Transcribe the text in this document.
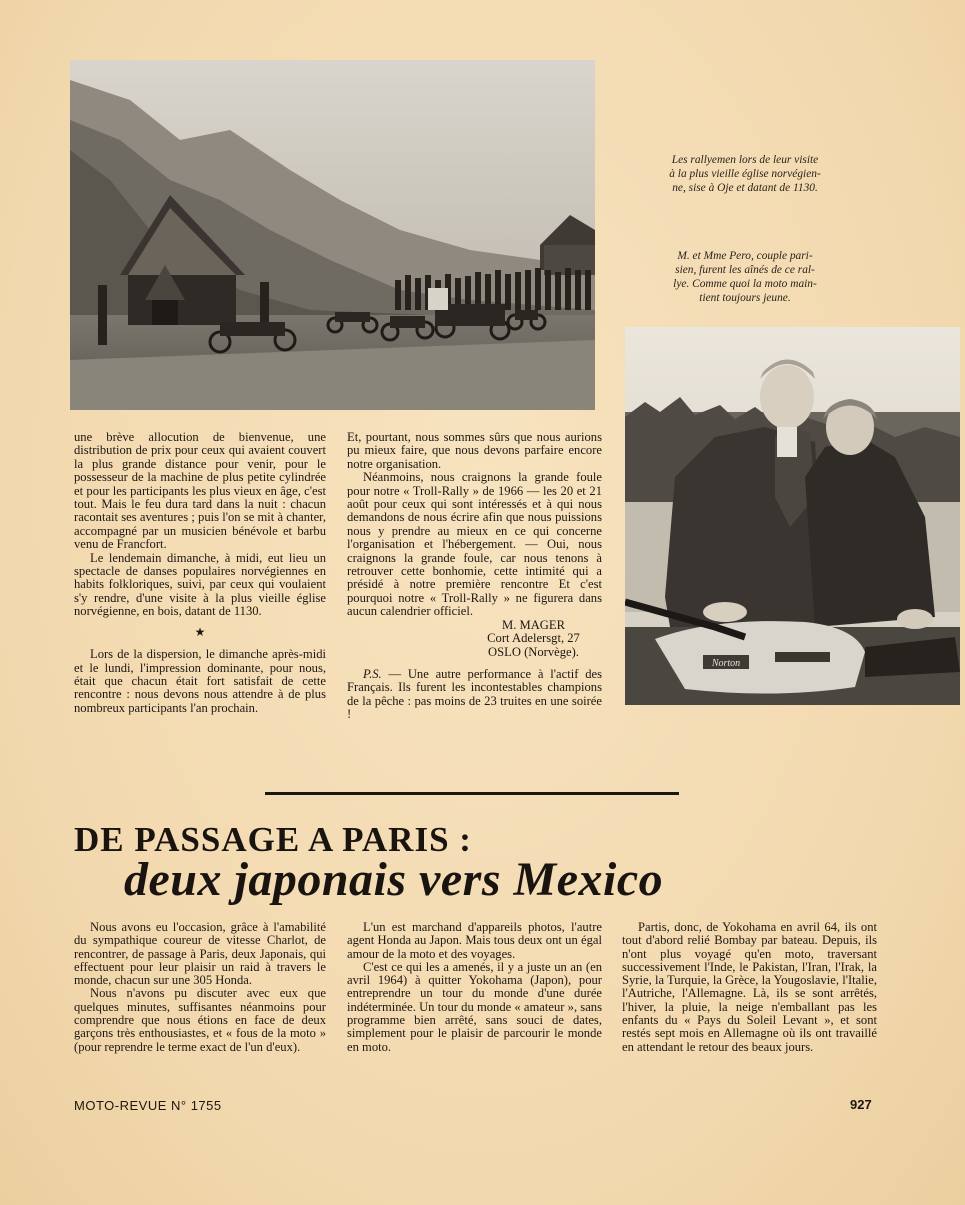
Norton
Les rallyemen lors de leur visite
à la plus vieille église norvégien-
ne, sise à Oje et datant de 1130.
M. et Mme Pero, couple pari-
sien, furent les aînés de ce ral-
lye. Comme quoi la moto main-
tient toujours jeune.

une brève allocution de bienvenue, une distribution de prix pour ceux qui avaient couvert la plus grande distance pour venir, pour le possesseur de la machine de plus petite cylindrée et pour les participants les plus vieux en âge, c'est tout. Mais le feu dura tard dans la nuit : chacun racontait ses aventures ; puis l'on se mit à chanter, accompagné par un musicien bénévole et barbu venu de Francfort.

Le lendemain dimanche, à midi, eut lieu un spectacle de danses populaires norvégiennes en habits folkloriques, suivi, par ceux qui voulaient s'y rendre, d'une visite à la plus vieille église norvégienne, en bois, datant de 1130.

★

Lors de la dispersion, le dimanche après-midi et le lundi, l'impression dominante, pour nous, était que chacun était fort satisfait de cette rencontre : nous devons nous attendre à de plus nombreux participants l'an prochain.

Et, pourtant, nous sommes sûrs que nous aurions pu mieux faire, que nous devons parfaire encore notre organisation.

Néanmoins, nous craignons la grande foule pour notre « Troll-Rally » de 1966 — les 20 et 21 août pour ceux qui sont intéressés et à qui nous demandons de nous écrire afin que nous puissions nous y prendre au mieux en ce qui concerne l'organisation et l'hébergement. — Oui, nous craignons la grande foule, car nous tenons à retrouver cette bonhomie, cette intimité qui a présidé à notre première rencontre Et c'est pourquoi notre « Troll-Rally » ne figurera dans aucun calendrier officiel.

M. MAGER
Cort Adelersgt, 27
OSLO (Norvège).

P.S. — Une autre performance à l'actif des Français. Ils furent les incontestables champions de la pêche : pas moins de 23 truites en une soirée !

DE PASSAGE A PARIS :
deux japonais vers Mexico

Nous avons eu l'occasion, grâce à l'amabilité du sympathique coureur de vitesse Charlot, de rencontrer, de passage à Paris, deux Japonais, qui effectuent pour leur plaisir un raid à travers le monde, chacun sur une 305 Honda.

Nous n'avons pu discuter avec eux que quelques minutes, suffisantes néanmoins pour comprendre que nous étions en face de deux garçons très enthousiastes, et « fous de la moto » (pour reprendre le terme exact de l'un d'eux).

L'un est marchand d'appareils photos, l'autre agent Honda au Japon. Mais tous deux ont un égal amour de la moto et des voyages.

C'est ce qui les a amenés, il y a juste un an (en avril 1964) à quitter Yokohama (Japon), pour entreprendre un tour du monde d'une durée indéterminée. Un tour du monde « amateur », sans programme bien arrêté, sans souci de dates, simplement pour le plaisir de parcourir le monde en moto.

Partis, donc, de Yokohama en avril 64, ils ont tout d'abord relié Bombay par bateau. Depuis, ils n'ont plus voyagé qu'en moto, traversant successivement l'Inde, le Pakistan, l'Iran, l'Irak, la Syrie, la Turquie, la Grèce, la Yougoslavie, l'Italie, l'Autriche, l'Allemagne. Là, ils se sont arrêtés, l'hiver, la pluie, la neige n'emballant pas les enfants du « Pays du Soleil Levant », et sont restés sept mois en Allemagne où ils ont travaillé en attendant le retour des beaux jours.

MOTO-REVUE N° 1755	927
